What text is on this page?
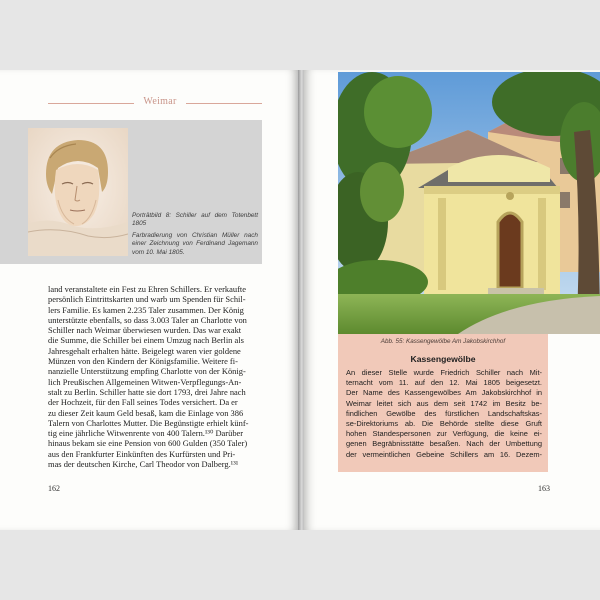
Weimar

Porträtbild 8: Schiller auf dem Totenbett 1805

Farbradierung von Christian Müller nach einer Zeichnung von Ferdinand Jagemann vom 10. Mai 1805.

land veranstaltete ein Fest zu Ehren Schillers. Er verkaufte
persönlich Eintrittskarten und warb um Spenden für Schil-
lers Familie. Es kamen 2.235 Taler zusammen. Der König
unterstützte ebenfalls, so dass 3.003 Taler an Charlotte von
Schiller nach Weimar überwiesen wurden. Das war exakt
die Summe, die Schiller bei einem Umzug nach Berlin als
Jahresgehalt erhalten hätte. Beigelegt waren vier goldene
Münzen von den Kindern der Königsfamilie. Weitere fi-
nanzielle Unterstützung empfing Charlotte von der König-
lich Preußischen Allgemeinen Witwen-Verpflegungs-An-
stalt zu Berlin. Schiller hatte sie dort 1793, drei Jahre nach
der Hochzeit, für den Fall seines Todes versichert. Da er
zu dieser Zeit kaum Geld besaß, kam die Einlage von 386
Talern von Charlottes Mutter. Die Begünstigte erhielt künf-
tig eine jährliche Witwenrente von 400 Talern.¹³⁰ Darüber
hinaus bekam sie eine Pension von 600 Gulden (350 Taler)
aus den Frankfurter Einkünften des Kurfürsten und Pri-
mas der deutschen Kirche, Carl Theodor von Dalberg.¹³¹
162
Abb. 55: Kassengewölbe Am Jakobskirchhof
Kassengewölbe
An dieser Stelle wurde Friedrich Schiller nach Mit-
ternacht vom 11. auf den 12. Mai 1805 beigesetzt.
Der Name des Kassengewölbes Am Jakobskirchhof in
Weimar leitet sich aus dem seit 1742 im Besitz be-
findlichen Gewölbe des fürstlichen Landschaftskas-
se-Direktoriums ab. Die Behörde stellte diese Gruft
hohen Standespersonen zur Verfügung, die keine ei-
genen Begräbnisstätte besaßen. Nach der Umbettung
der vermeintlichen Gebeine Schillers am 16. Dezem-
163
